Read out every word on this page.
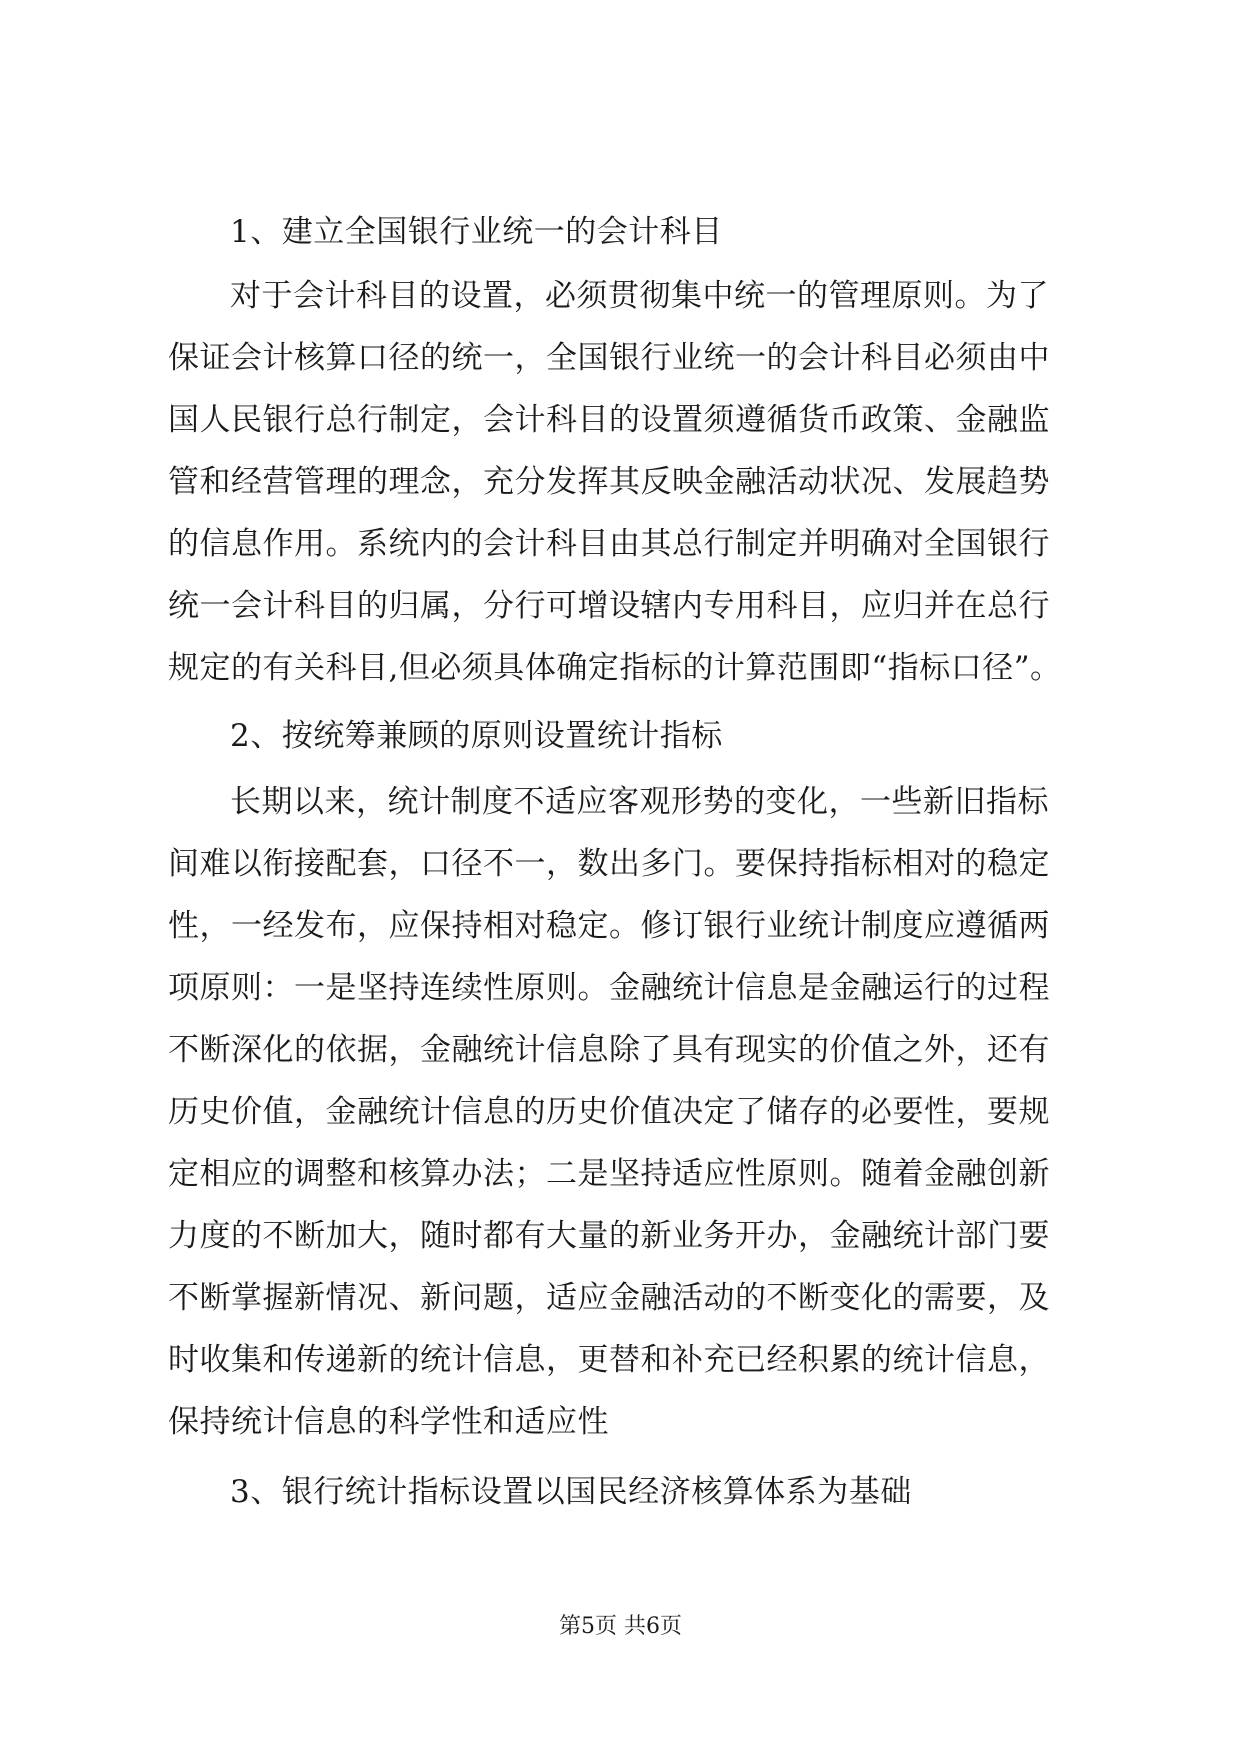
1、建立全国银行业统一的会计科目
对于会计科目的设置，必须贯彻集中统一的管理原则。为了
保证会计核算口径的统一，全国银行业统一的会计科目必须由中
国人民银行总行制定，会计科目的设置须遵循货币政策、金融监
管和经营管理的理念，充分发挥其反映金融活动状况、发展趋势
的信息作用。系统内的会计科目由其总行制定并明确对全国银行
统一会计科目的归属，分行可增设辖内专用科目，应归并在总行
规定的有关科目,但必须具体确定指标的计算范围即“指标口径”。
2、按统筹兼顾的原则设置统计指标
长期以来，统计制度不适应客观形势的变化，一些新旧指标
间难以衔接配套，口径不一，数出多门。要保持指标相对的稳定
性，一经发布，应保持相对稳定。修订银行业统计制度应遵循两
项原则：一是坚持连续性原则。金融统计信息是金融运行的过程
不断深化的依据，金融统计信息除了具有现实的价值之外，还有
历史价值，金融统计信息的历史价值决定了储存的必要性，要规
定相应的调整和核算办法；二是坚持适应性原则。随着金融创新
力度的不断加大，随时都有大量的新业务开办，金融统计部门要
不断掌握新情况、新问题，适应金融活动的不断变化的需要，及
时收集和传递新的统计信息，更替和补充已经积累的统计信息，
保持统计信息的科学性和适应性
3、银行统计指标设置以国民经济核算体系为基础
第5页 共6页
